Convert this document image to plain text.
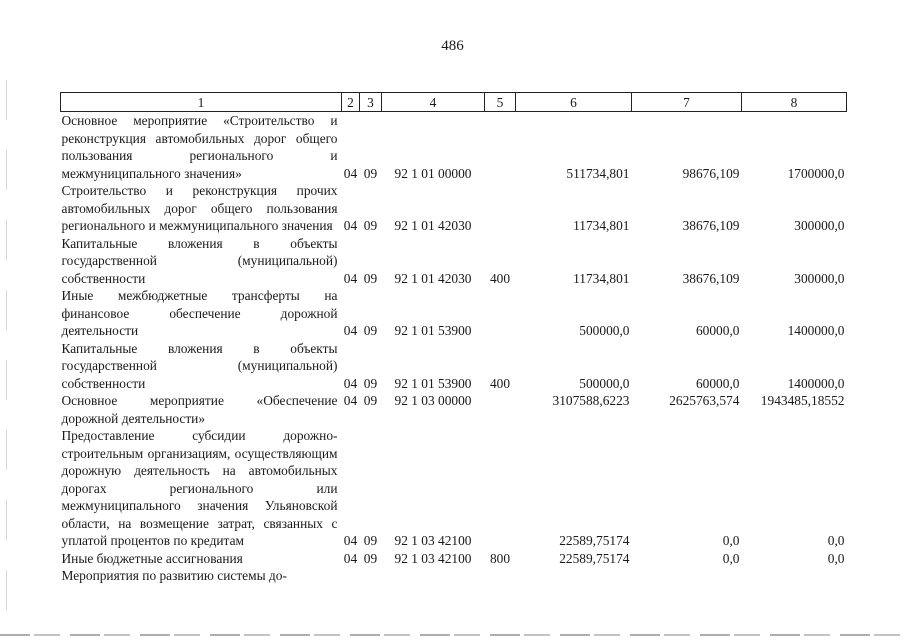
486
1	2	3	4	5	6	7	8
Основное мероприятие «Строительство и реконструкция автомобильных дорог общего пользования регионального и межмуниципального значения»	04	09	92 1 01 00000		511734,801	98676,109	1700000,0
Строительство и реконструкция прочих автомобильных дорог общего пользования регионального и межмуниципального значения	04	09	92 1 01 42030		11734,801	38676,109	300000,0
Капитальные вложения в объекты государственной (муниципальной) собственности	04	09	92 1 01 42030	400	11734,801	38676,109	300000,0
Иные межбюджетные трансферты на финансовое обеспечение дорожной деятельности	04	09	92 1 01 53900		500000,0	60000,0	1400000,0
Капитальные вложения в объекты государственной (муниципальной) собственности	04	09	92 1 01 53900	400	500000,0	60000,0	1400000,0
Основное мероприятие «Обеспечение дорожной деятельности»	04	09	92 1 03 00000		3107588,6223	2625763,574	1943485,18552
Предоставление субсидии дорожно-строительным организациям, осуществляющим дорожную деятельность на автомобильных дорогах регионального или межмуниципального значения Ульяновской области, на возмещение затрат, связанных с уплатой процентов по кредитам	04	09	92 1 03 42100		22589,75174	0,0	0,0
Иные бюджетные ассигнования	04	09	92 1 03 42100	800	22589,75174	0,0	0,0
Мероприятия по развитию системы до-							
